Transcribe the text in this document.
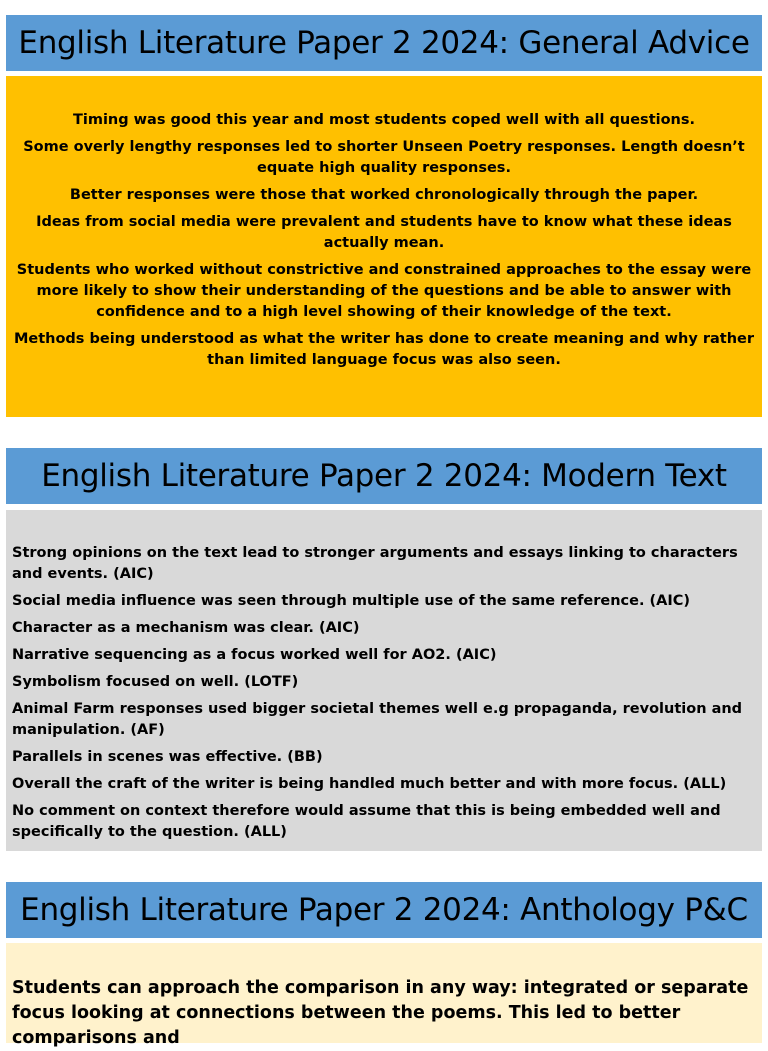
English Literature Paper 2 2024: General Advice

Timing was good this year and most students coped well with all questions.

Some overly lengthy responses led to shorter Unseen Poetry responses. Length doesn’t equate high quality responses.

Better responses were those that worked chronologically through the paper.

Ideas from social media were prevalent and students have to know what these ideas actually mean.

Students who worked without constrictive and constrained approaches to the essay were more likely to show their understanding of the questions and be able to answer with confidence and to a high level showing of their knowledge of the text.

Methods being understood as what the writer has done to create meaning and why rather than limited language focus was also seen.

English Literature Paper 2 2024: Modern Text

Strong opinions on the text lead to stronger arguments and essays linking to characters and events. (AIC)

Social media influence was seen through multiple use of the same reference. (AIC)

Character as a mechanism was clear. (AIC)

Narrative sequencing as a focus worked well for AO2. (AIC)

Symbolism focused on well. (LOTF)

Animal Farm responses used bigger societal themes well e.g propaganda, revolution and manipulation. (AF)

Parallels in scenes was effective. (BB)

Overall the craft of the writer is being handled much better and with more focus. (ALL)

No comment on context therefore would assume that this is being embedded well and specifically to the question. (ALL)

English Literature Paper 2 2024: Anthology P&C

Students can approach the comparison in any way: integrated or separate focus looking at connections between the poems. This led to better comparisons and
